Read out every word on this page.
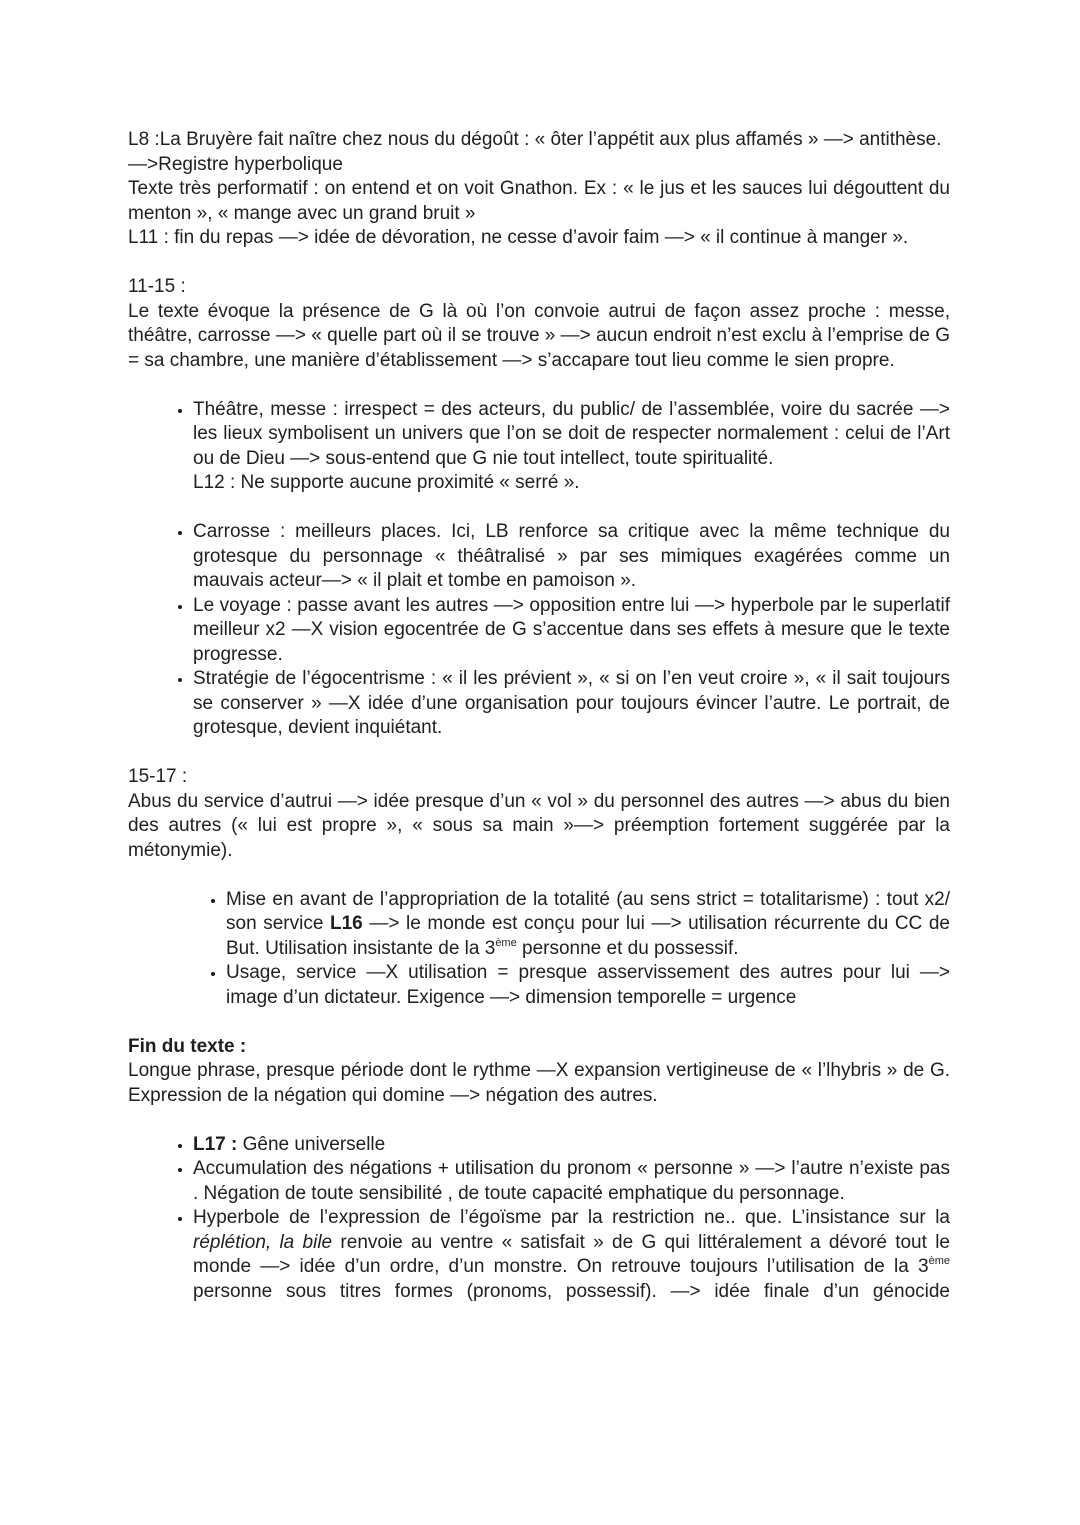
L8 :La Bruyère fait naître chez nous du dégoût : « ôter l’appétit aux plus affamés » —> antithèse.

—>Registre hyperbolique

Texte très performatif : on entend et on voit Gnathon. Ex : « le jus et les sauces lui dégouttent du menton », « mange avec un grand bruit »

L11 : fin du repas —> idée de dévoration, ne cesse d’avoir faim —> « il continue à manger ».

11-15 :

Le texte évoque la présence de G là où l’on convoie autrui de façon assez proche : messe, théâtre, carrosse —> « quelle part où il se trouve » —> aucun endroit n’est exclu à l’emprise de G = sa chambre, une manière d’établissement —> s’accapare tout lieu comme le sien propre.

• Théâtre, messe : irrespect = des acteurs, du public/ de l’assemblée, voire du sacrée —> les lieux symbolisent un univers que l’on se doit de respecter normalement : celui de l’Art ou de Dieu —> sous-entend que G nie tout intellect, toute spiritualité.
L12 : Ne supporte aucune proximité « serré ».
• Carrosse : meilleurs places. Ici, LB renforce sa critique avec la même technique du grotesque du personnage « théâtralisé » par ses mimiques exagérées comme un mauvais acteur—> « il plait et tombe en pamoison ».
• Le voyage : passe avant les autres —> opposition entre lui —> hyperbole par le superlatif meilleur x2 —X vision egocentrée de G s’accentue dans ses effets à mesure que le texte progresse.
• Stratégie de l’égocentrisme : « il les prévient », « si on l’en veut croire », « il sait toujours se conserver » —X idée d’une organisation pour toujours évincer l’autre. Le portrait, de grotesque, devient inquiétant.

15-17 :

Abus du service d’autrui —> idée presque d’un « vol » du personnel des autres —> abus du bien des autres (« lui est propre », « sous sa main »—> préemption fortement suggérée par la métonymie).

• Mise en avant de l’appropriation de la totalité (au sens strict = totalitarisme) : tout x2/ son service L16 —> le monde est conçu pour lui —> utilisation récurrente du CC de But. Utilisation insistante de la 3ème personne et du possessif.
• Usage, service —X utilisation = presque asservissement des autres pour lui —> image d’un dictateur. Exigence —> dimension temporelle = urgence

Fin du texte :

Longue phrase, presque période dont le rythme —X expansion vertigineuse de « l’lhybris » de G. Expression de la négation qui domine —> négation des autres.

• L17 : Gêne universelle
• Accumulation des négations + utilisation du pronom « personne » —> l’autre n’existe pas . Négation de toute sensibilité , de toute capacité emphatique du personnage.
• Hyperbole de l’expression de l’égoïsme par la restriction ne.. que. L’insistance sur la réplétion, la bile renvoie au ventre « satisfait » de G qui littéralement a dévoré tout le monde —> idée d’un ordre, d’un monstre. On retrouve toujours l’utilisation de la 3ème personne sous titres formes (pronoms, possessif). —> idée finale d’un génocide
